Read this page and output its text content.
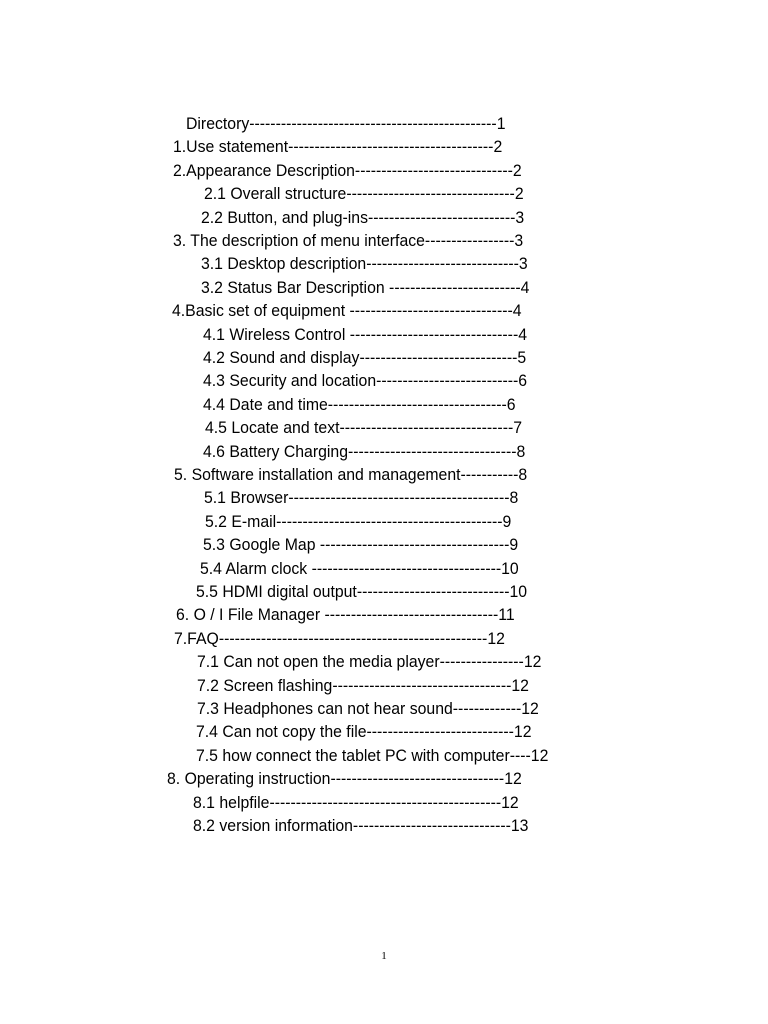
Directory-----------------------------------------------1
1.Use statement---------------------------------------2
2.Appearance Description------------------------------2
2.1 Overall structure--------------------------------2
2.2 Button, and plug-ins----------------------------3
3. The description of menu interface-----------------3
3.1 Desktop description-----------------------------3
3.2 Status Bar Description -------------------------4
4.Basic set of equipment -------------------------------4
4.1 Wireless Control --------------------------------4
4.2 Sound and display------------------------------5
4.3 Security and location---------------------------6
4.4 Date and time----------------------------------6
4.5 Locate and text---------------------------------7
4.6 Battery Charging--------------------------------8
5. Software installation and management-----------8
5.1 Browser------------------------------------------8
5.2 E-mail-------------------------------------------9
5.3 Google Map ------------------------------------9
5.4 Alarm clock ------------------------------------10
5.5 HDMI digital output-----------------------------10
6. O / I File Manager ---------------------------------11
7.FAQ---------------------------------------------------12
7.1 Can not open the media player----------------12
7.2 Screen flashing----------------------------------12
7.3 Headphones can not hear sound-------------12
7.4 Can not copy the file----------------------------12
7.5 how connect the tablet PC with computer----12
8. Operating instruction---------------------------------12
8.1 helpfile--------------------------------------------12
8.2 version information------------------------------13
1
